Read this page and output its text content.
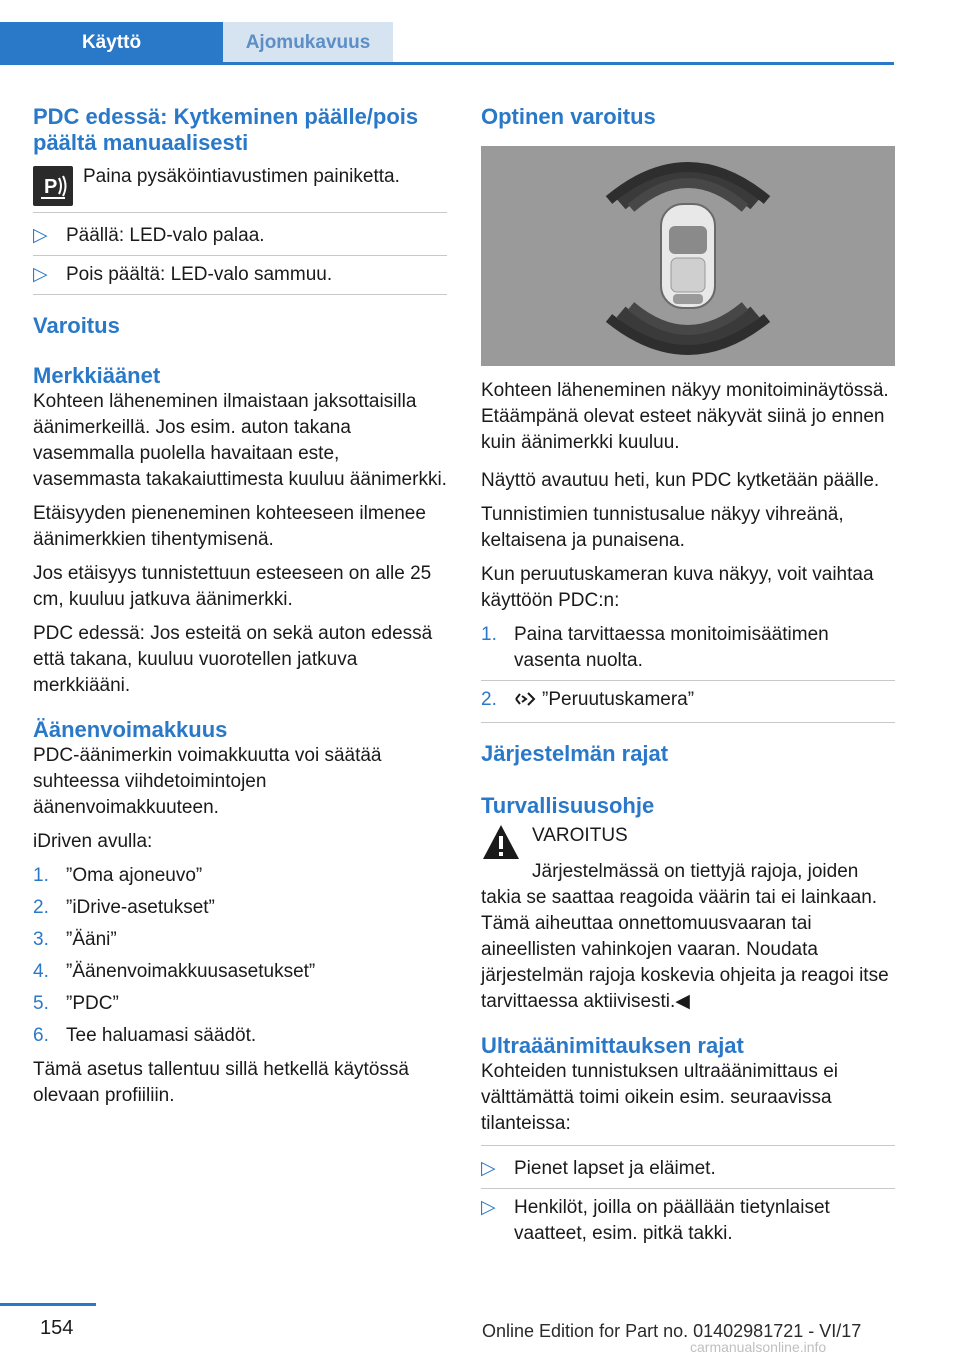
Käyttö	Ajomukavuus
PDC edessä: Kytkeminen päälle/pois päältä manuaalisesti
P Paina pysäköintiavustimen painiketta.

▷ Päällä: LED-valo palaa.
▷ Pois päältä: LED-valo sammuu.
Varoitus
Merkkiäänet

Kohteen läheneminen ilmaistaan jaksottaisilla äänimerkeillä. Jos esim. auton takana vasemmalla puolella havaitaan este, vasemmasta takakaiuttimesta kuuluu äänimerkki.

Etäisyyden pieneneminen kohteeseen ilmenee äänimerkkien tihentymisenä.

Jos etäisyys tunnistettuun esteeseen on alle 25 cm, kuuluu jatkuva äänimerkki.

PDC edessä: Jos esteitä on sekä auton edessä että takana, kuuluu vuorotellen jatkuva merkkiääni.

Äänenvoimakkuus

PDC-äänimerkin voimakkuutta voi säätää suhteessa viihdetoimintojen äänenvoimakkuuteen.

iDriven avulla:

1. ”Oma ajoneuvo”
2. ”iDrive-asetukset”
3. ”Ääni”
4. ”Äänenvoimakkuusasetukset”
5. ”PDC”
6. Tee haluamasi säädöt.

Tämä asetus tallentuu sillä hetkellä käytössä olevaan profiiliin.

Optinen varoitus

Kohteen läheneminen näkyy monitoiminäytössä. Etäämpänä olevat esteet näkyvät siinä jo ennen kuin äänimerkki kuuluu.

Näyttö avautuu heti, kun PDC kytketään päälle.

Tunnistimien tunnistusalue näkyy vihreänä, keltaisena ja punaisena.

Kun peruutuskameran kuva näkyy, voit vaihtaa käyttöön PDC:n:

1. Paina tarvittaessa monitoimisäätimen vasenta nuolta.
2. ”Peruutuskamera”
Järjestelmän rajat
Turvallisuusohje

VAROITUS

Järjestelmässä on tiettyjä rajoja, joiden takia se saattaa reagoida väärin tai ei lainkaan. Tämä aiheuttaa onnettomuusvaaran tai aineellisten vahinkojen vaaran. Noudata järjestelmän rajoja koskevia ohjeita ja reagoi itse tarvittaessa aktiivisesti.◀

Ultraäänimittauksen rajat

Kohteiden tunnistuksen ultraäänimittaus ei välttämättä toimi oikein esim. seuraavissa tilanteissa:

▷ Pienet lapset ja eläimet.
▷ Henkilöt, joilla on päällään tietynlaiset vaatteet, esim. pitkä takki.
154	Online Edition for Part no. 01402981721 - VI/17
carmanualsonline.info
